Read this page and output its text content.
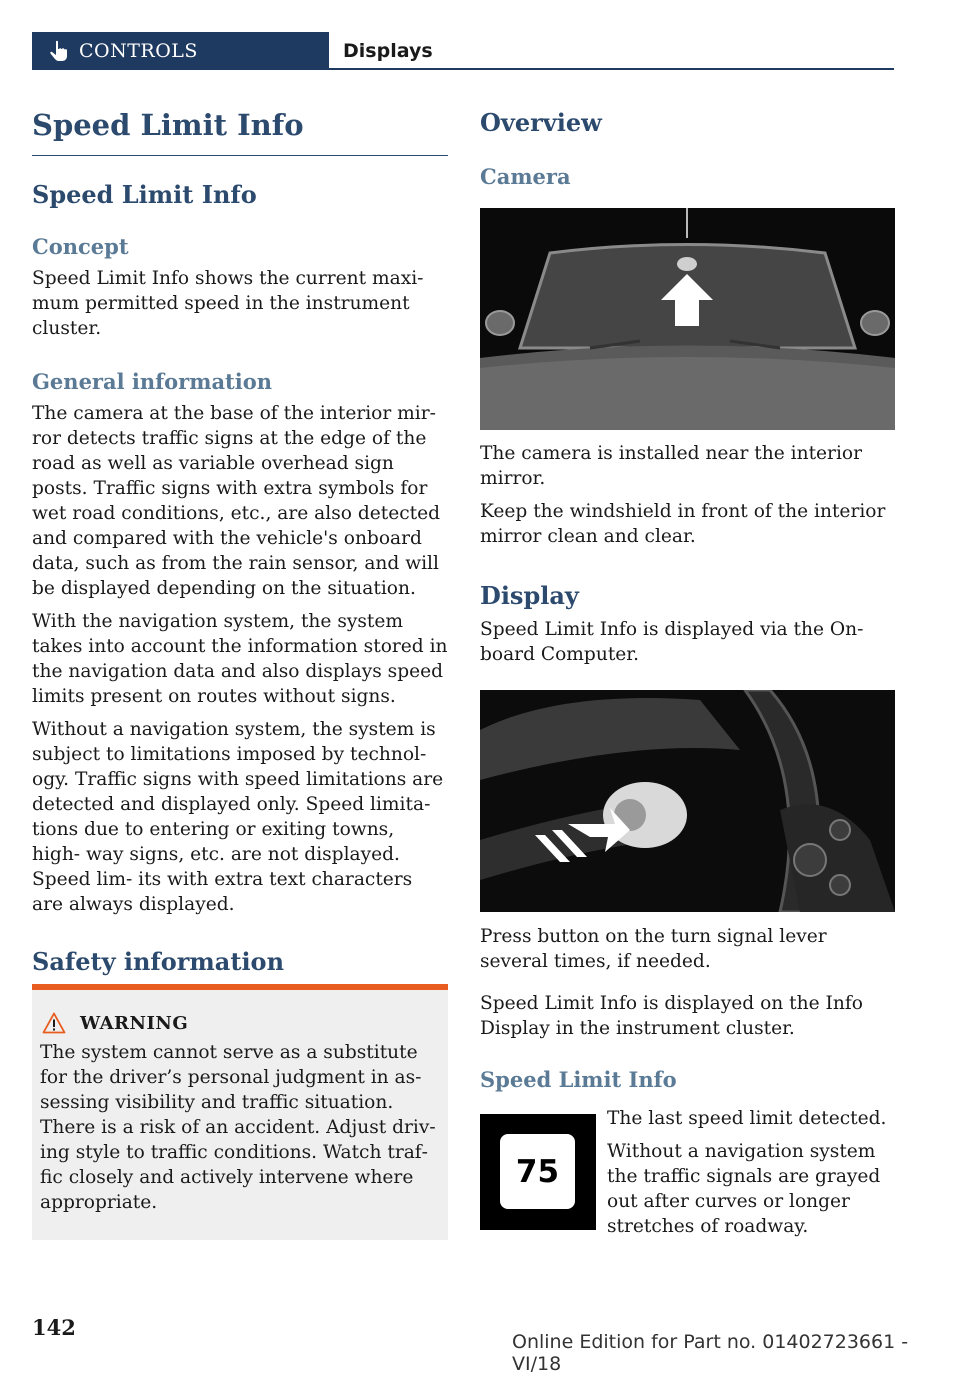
CONTROLS	Displays
Speed Limit Info
Speed Limit Info
Concept

Speed Limit Info shows the current maxi‐ mum permitted speed in the instrument cluster.

General information

The camera at the base of the interior mir‐ ror detects traffic signs at the edge of the road as well as variable overhead sign posts. Traffic signs with extra symbols for wet road conditions, etc., are also detected and compared with the vehicle's onboard data, such as from the rain sensor, and will be displayed depending on the situation.

With the navigation system, the system takes into account the information stored in the navigation data and also displays speed limits present on routes without signs.

Without a navigation system, the system is subject to limitations imposed by technol‐ ogy. Traffic signs with speed limitations are detected and displayed only. Speed limita‐ tions due to entering or exiting towns, high‐ way signs, etc. are not displayed. Speed lim‐ its with extra text characters are always displayed.

Safety information
WARNING

The system cannot serve as a substitute for the driver’s personal judgment in as‐ sessing visibility and traffic situation. There is a risk of an accident. Adjust driv‐ ing style to traffic conditions. Watch traf‐ fic closely and actively intervene where appropriate.

Overview
Camera

The camera is installed near the interior mirror.

Keep the windshield in front of the interior mirror clean and clear.

Display

Speed Limit Info is displayed via the On‐ board Computer.

Press button on the turn signal lever several times, if needed.

Speed Limit Info is displayed on the Info Display in the instrument cluster.

Speed Limit Info
75

The last speed limit detected.

Without a navigation system the traffic signals are grayed out after curves or longer stretches of roadway.

142
Online Edition for Part no. 01402723661 - VI/18
